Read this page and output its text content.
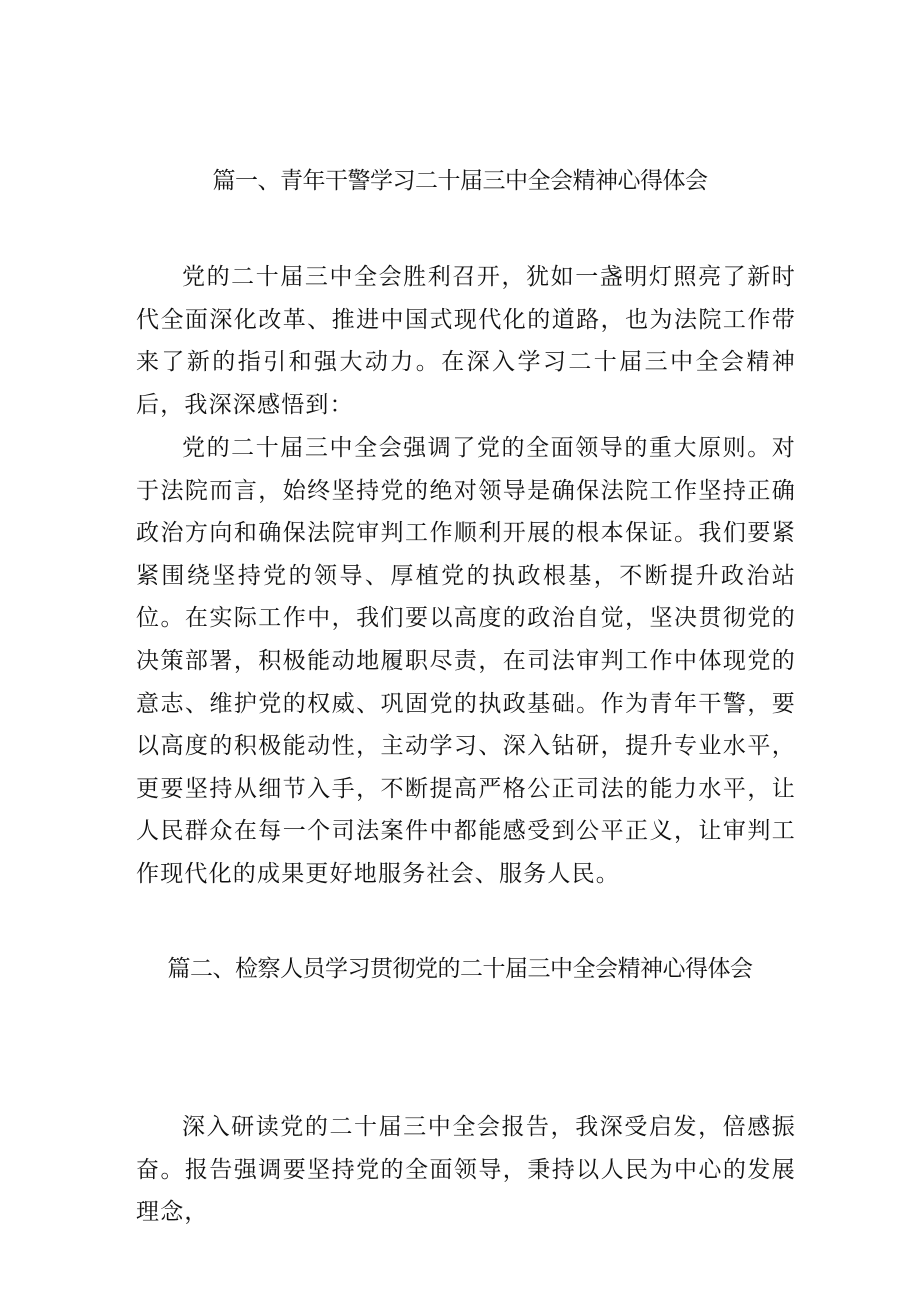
篇一、青年干警学习二十届三中全会精神心得体会

党的二十届三中全会胜利召开，犹如一盏明灯照亮了新时代全面深化改革、推进中国式现代化的道路，也为法院工作带来了新的指引和强大动力。在深入学习二十届三中全会精神后，我深深感悟到：

党的二十届三中全会强调了党的全面领导的重大原则。对于法院而言，始终坚持党的绝对领导是确保法院工作坚持正确政治方向和确保法院审判工作顺利开展的根本保证。我们要紧紧围绕坚持党的领导、厚植党的执政根基，不断提升政治站位。在实际工作中，我们要以高度的政治自觉，坚决贯彻党的决策部署，积极能动地履职尽责，在司法审判工作中体现党的意志、维护党的权威、巩固党的执政基础。作为青年干警，要以高度的积极能动性，主动学习、深入钻研，提升专业水平，更要坚持从细节入手，不断提高严格公正司法的能力水平，让人民群众在每一个司法案件中都能感受到公平正义，让审判工作现代化的成果更好地服务社会、服务人民。

篇二、检察人员学习贯彻党的二十届三中全会精神心得体会

深入研读党的二十届三中全会报告，我深受启发，倍感振奋。报告强调要坚持党的全面领导，秉持以人民为中心的发展理念，
